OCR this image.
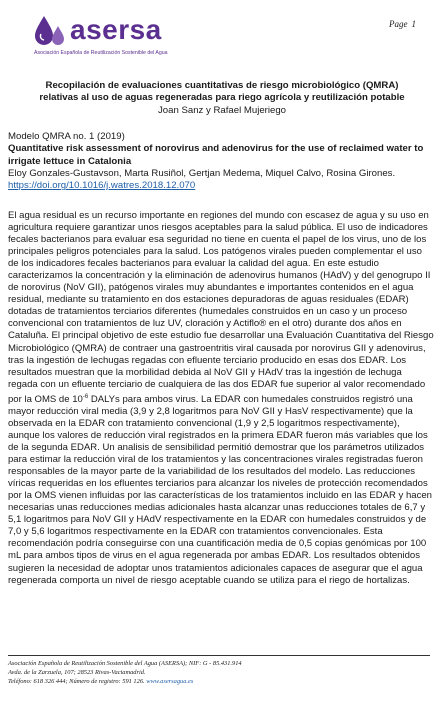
asersa
Asociación Española de Reutilización Sostenible del Agua
Page 1
Recopilación de evaluaciones cuantitativas de riesgo microbiológico (QMRA)
relativas al uso de aguas regeneradas para riego agrícola y reutilización potable
Joan Sanz y Rafael Mujeriego
Modelo QMRA no. 1 (2019)
Quantitative risk assessment of norovirus and adenovirus for the use of reclaimed water to irrigate lettuce in Catalonia
Eloy Gonzales-Gustavson, Marta Rusiñol, Gertjan Medema, Miquel Calvo, Rosina Girones.
https://doi.org/10.1016/j.watres.2018.12.070

El agua residual es un recurso importante en regiones del mundo con escasez de agua y su uso en agricultura requiere garantizar unos riesgos aceptables para la salud pública. El uso de indicadores fecales bacterianos para evaluar esa seguridad no tiene en cuenta el papel de los virus, uno de los principales peligros potenciales para la salud. Los patógenos virales pueden complementar el uso de los indicadores fecales bacterianos para evaluar la calidad del agua. En este estudio caracterizamos la concentración y la eliminación de adenovirus humanos (HAdV) y del genogrupo II de norovirus (NoV GII), patógenos virales muy abundantes e importantes contenidos en el agua residual, mediante su tratamiento en dos estaciones depuradoras de aguas residuales (EDAR) dotadas de tratamientos terciarios diferentes (humedales construidos en un caso y un proceso convencional con tratamientos de luz UV, cloración y Actiflo® en el otro) durante dos años en Cataluña. El principal objetivo de este estudio fue desarrollar una Evaluación Cuantitativa del Riesgo Microbiológico (QMRA) de contraer una gastroentritis viral causada por norovirus GII y adenovirus, tras la ingestión de lechugas regadas con efluente terciario producido en esas dos EDAR. Los resultados muestran que la morbilidad debida al NoV GII y HAdV tras la ingestión de lechuga regada con un efluente terciario de cualquiera de las dos EDAR fue superior al valor recomendado por la OMS de $10^{-6}$ DALYs para ambos virus. La EDAR con humedales construidos registró una mayor reducción viral media (3,9 y 2,8 logaritmos para NoV GII y HasV respectivamente) que la observada en la EDAR con tratamiento convencional (1,9 y 2,5 logaritmos respectivamente), aunque los valores de reducción viral registrados en la primera EDAR fueron más variables que los de la segunda EDAR. Un analisis de sensibilidad permitió demostrar que los parámetros utilizados para estimar la reducción viral de los tratamientos y las concentraciones virales registradas fueron responsables de la mayor parte de la variabilidad de los resultados del modelo. Las reducciones víricas requeridas en los efluentes terciarios para alcanzar los niveles de protección recomendados por la OMS vienen influidas por las características de los tratamientos incluido en las EDAR y hacen necesarias unas reducciones medias adicionales hasta alcanzar unas reducciones totales de 6,7 y 5,1 logaritmos para NoV GII y HAdV respectivamente en la EDAR con humedales construidos y de 7,0 y 5,6 logaritmos respectivamente en la EDAR con tratamientos convencionales. Esta recomendación podría conseguirse con una cuantificación media de 0,5 copias genómicas por 100 mL para ambos tipos de virus en el agua regenerada por ambas EDAR. Los resultados obtenidos sugieren la necesidad de adoptar unos tratamientos adicionales capaces de asegurar que el agua regenerada comporta un nivel de riesgo aceptable cuando se utiliza para el riego de hortalizas.

Asociación Española de Reutilización Sostenible del Agua (ASERSA); NIF: G - 85.431.914
Avda. de la Zarzuela, 107; 28523 Rivas-Vaciamadrid.
Teléfono: 618 326 444; Número de registro: 591 126. www.asersagua.es
